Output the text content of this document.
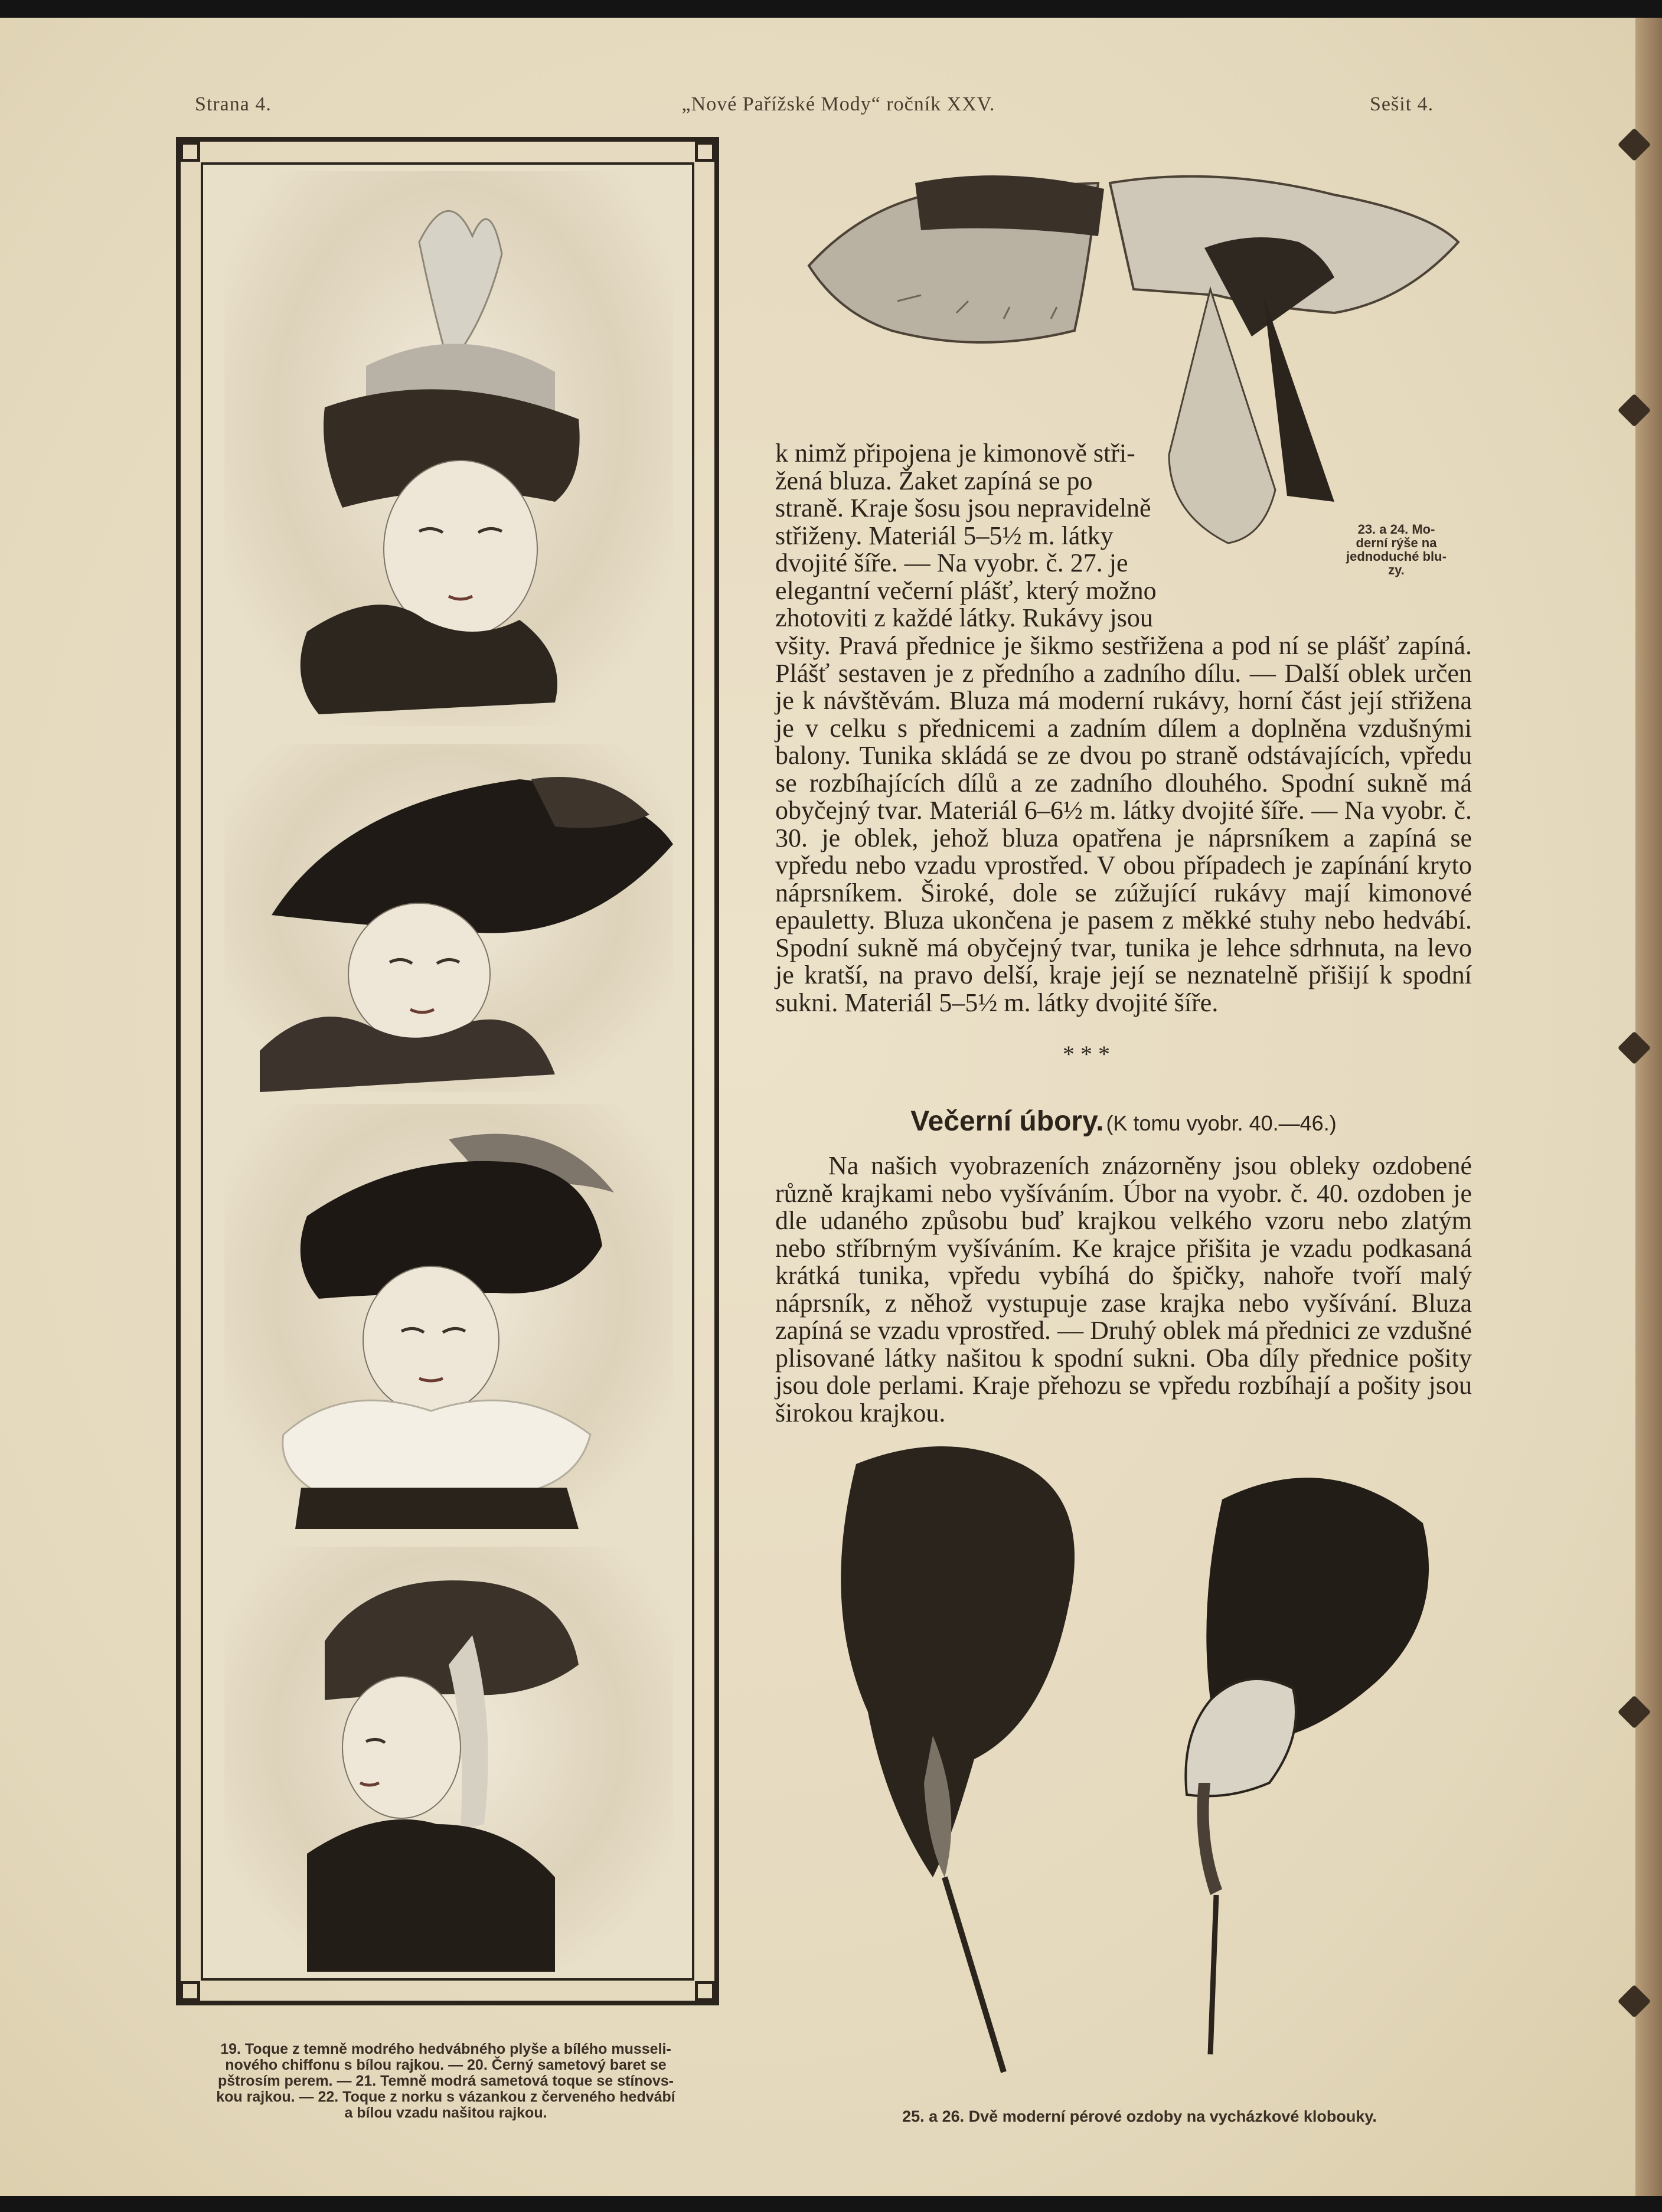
Strana 4.	„Nové Pařížské Mody“ ročník XXV.	Sešit 4.
23. a 24. Mo-
derní rýše na
jednoduché blu-
zy.
k nimž připojena je kimonově stři-
žená bluza. Žaket zapíná se po
straně. Kraje šosu jsou nepravidelně
střiženy. Materiál 5–5½ m. látky
dvojité šíře. — Na vyobr. č. 27. je
elegantní večerní plášť, který možno
zhotoviti z každé látky. Rukávy jsou

všity. Pravá přednice je šikmo sestřižena a pod ní se plášť zapíná. Plášť sestaven je z předního a zadního dílu. — Další oblek určen je k návštěvám. Bluza má moderní rukávy, horní část její střižena je v celku s přednicemi a zadním dílem a doplněna vzdušnými balony. Tunika skládá se ze dvou po straně odstávajících, vpředu se rozbíhajících dílů a ze zadního dlouhého. Spodní sukně má obyčejný tvar. Materiál 6–6½ m. látky dvojité šíře. — Na vyobr. č. 30. je oblek, jehož bluza opatřena je náprsníkem a zapíná se vpředu nebo vzadu vprostřed. V obou případech je zapínání kryto náprsníkem. Široké, dole se zúžující rukávy mají kimonové epauletty. Bluza ukončena je pasem z měkké stuhy nebo hedvábí. Spodní sukně má obyčejný tvar, tunika je lehce sdrhnuta, na levo je kratší, na pravo delší, kraje její se neznatelně přišijí k spodní sukni. Materiál 5–5½ m. látky dvojité šíře.

* * *
Večerní úbory. (K tomu vyobr. 40.—46.)

Na našich vyobrazeních znázorněny jsou obleky ozdobené různě krajkami nebo vyšíváním. Úbor na vyobr. č. 40. ozdoben je dle udaného způsobu buď krajkou velkého vzoru nebo zlatým nebo stříbrným vyšíváním. Ke krajce přišita je vzadu podkasaná krátká tunika, vpředu vybíhá do špičky, nahoře tvoří malý náprsník, z něhož vystupuje zase krajka nebo vyšívání. Bluza zapíná se vzadu vprostřed. — Druhý oblek má přednici ze vzdušné plisované látky našitou k spodní sukni. Oba díly přednice pošity jsou dole perlami. Kraje přehozu se vpředu rozbíhají a pošity jsou širokou krajkou.

19. Toque z temně modrého hedvábného plyše a bílého musseli-
nového chiffonu s bílou rajkou. — 20. Černý sametový baret se
pštrosím perem. — 21. Temně modrá sametová toque se stínovs-
kou rajkou. — 22. Toque z norku s vázankou z červeného hedvábí
a bílou vzadu našitou rajkou.	25. a 26. Dvě moderní pérové ozdoby na vycházkové klobouky.
